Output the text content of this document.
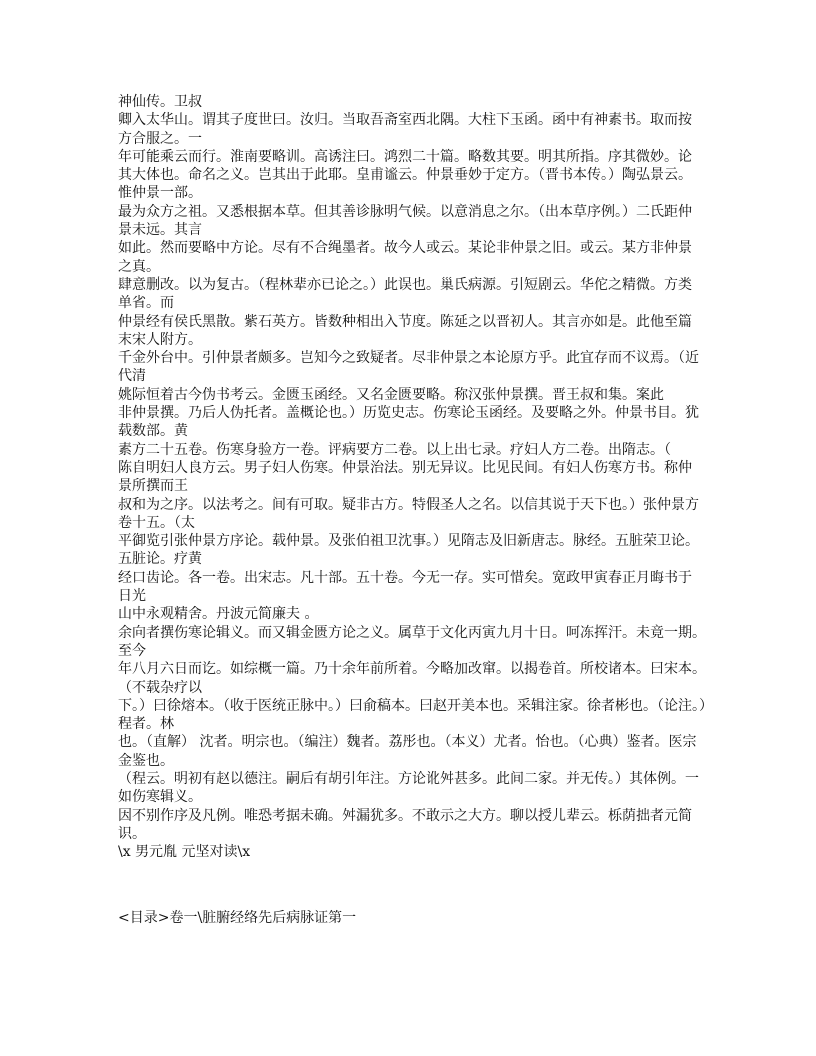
神仙传。卫叔
卿入太华山。谓其子度世曰。汝归。当取吾斋室西北隅。大柱下玉函。函中有神素书。取而按
方合服之。一
年可能乘云而行。淮南要略训。高诱注曰。鸿烈二十篇。略数其要。明其所指。序其微妙。论
其大体也。命名之义。岂其出于此耶。皇甫谧云。仲景垂妙于定方。（晋书本传。）陶弘景云。
惟仲景一部。
最为众方之祖。又悉根据本草。但其善诊脉明气候。以意消息之尔。（出本草序例。）二氏距仲
景未远。其言
如此。然而要略中方论。尽有不合绳墨者。故今人或云。某论非仲景之旧。或云。某方非仲景
之真。
肆意删改。以为复古。（程林辈亦已论之。）此误也。巢氏病源。引短剧云。华佗之精微。方类
单省。而
仲景经有侯氏黑散。紫石英方。皆数种相出入节度。陈延之以晋初人。其言亦如是。此他至篇
末宋人附方。
千金外台中。引仲景者颇多。岂知今之致疑者。尽非仲景之本论原方乎。此宜存而不议焉。（近
代清
姚际恒着古今伪书考云。金匮玉函经。又名金匮要略。称汉张仲景撰。晋王叔和集。案此
非仲景撰。乃后人伪托者。盖概论也。）历览史志。伤寒论玉函经。及要略之外。仲景书目。犹
载数部。黄
素方二十五卷。伤寒身验方一卷。评病要方二卷。以上出七录。疗妇人方二卷。出隋志。（
陈自明妇人良方云。男子妇人伤寒。仲景治法。别无异议。比见民间。有妇人伤寒方书。称仲
景所撰而王
叔和为之序。以法考之。间有可取。疑非古方。特假圣人之名。以信其说于天下也。）张仲景方
卷十五。（太
平御览引张仲景方序论。载仲景。及张伯祖卫沈事。）见隋志及旧新唐志。脉经。五脏荣卫论。
五脏论。疗黄
经口齿论。各一卷。出宋志。凡十部。五十卷。今无一存。实可惜矣。宽政甲寅春正月晦书于
日光
山中永观精舍。丹波元简廉夫 。
余向者撰伤寒论辑义。而又辑金匮方论之义。属草于文化丙寅九月十日。呵冻挥汗。未竟一期。
至今
年八月六日而讫。如综概一篇。乃十余年前所着。今略加改窜。以揭卷首。所校诸本。曰宋本。
（不载杂疗以
下。）曰徐熔本。（收于医统正脉中。）曰俞稿本。曰赵开美本也。采辑注家。徐者彬也。（论注。）
程者。林
也。（直解） 沈者。明宗也。（编注）魏者。荔彤也。（本义）尤者。怡也。（心典）鉴者。医宗
金鉴也。
（程云。明初有赵以德注。嗣后有胡引年注。方论讹舛甚多。此间二家。并无传。）其体例。一
如伤寒辑义。
因不别作序及凡例。唯恐考据未确。舛漏犹多。不敢示之大方。聊以授儿辈云。栎荫拙者元简
识。
\x 男元胤 元坚对读\x
<目录>卷一\脏腑经络先后病脉证第一
